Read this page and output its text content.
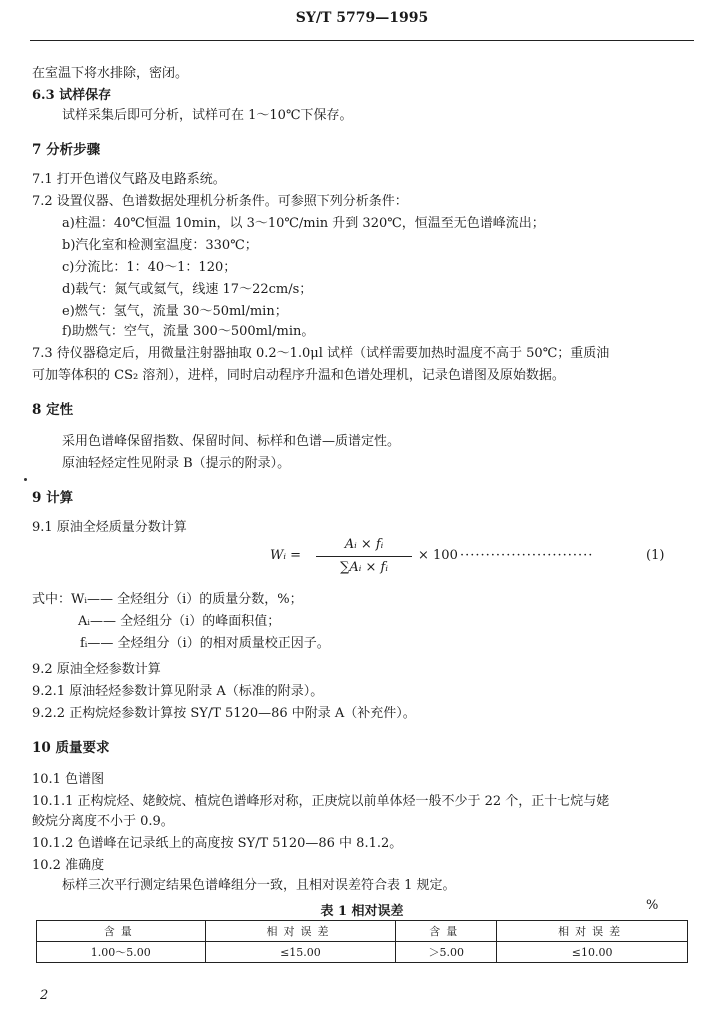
SY/T 5779—1995
在室温下将水排除，密闭。
6.3 试样保存
试样采集后即可分析，试样可在 1～10℃下保存。
7 分析步骤
7.1 打开色谱仪气路及电路系统。
7.2 设置仪器、色谱数据处理机分析条件。可参照下列分析条件：
a)柱温：40℃恒温 10min，以 3～10℃/min 升到 320℃，恒温至无色谱峰流出；
b)汽化室和检测室温度：330℃；
c)分流比：1：40～1：120；
d)载气：氮气或氦气，线速 17～22cm/s；
e)燃气：氢气，流量 30～50ml/min；
f)助燃气：空气，流量 300～500ml/min。
7.3 待仪器稳定后，用微量注射器抽取 0.2～1.0μl 试样（试样需要加热时温度不高于 50℃；重质油
可加等体积的 CS₂ 溶剂），进样，同时启动程序升温和色谱处理机，记录色谱图及原始数据。
8 定性
采用色谱峰保留指数、保留时间、标样和色谱—质谱定性。
原油轻烃定性见附录 B（提示的附录）。
9 计算
9.1 原油全烃质量分数计算
Wᵢ =
Aᵢ × fᵢ
∑Aᵢ × fᵢ
× 100 ··························	(1)
式中：Wᵢ—— 全烃组分（i）的质量分数，%；
Aᵢ—— 全烃组分（i）的峰面积值；
fᵢ—— 全烃组分（i）的相对质量校正因子。
9.2 原油全烃参数计算
9.2.1 原油轻烃参数计算见附录 A（标准的附录）。
9.2.2 正构烷烃参数计算按 SY/T 5120—86 中附录 A（补充件）。
10 质量要求
10.1 色谱图
10.1.1 正构烷烃、姥鲛烷、植烷色谱峰形对称，正庚烷以前单体烃一般不少于 22 个，正十七烷与姥
鲛烷分离度不小于 0.9。
10.1.2 色谱峰在记录纸上的高度按 SY/T 5120—86 中 8.1.2。
10.2 准确度
标样三次平行测定结果色谱峰组分一致，且相对误差符合表 1 规定。
表 1 相对误差	%
含量	相对误差	含量	相对误差
1.00～5.00	≤15.00	＞5.00	≤10.00
2
